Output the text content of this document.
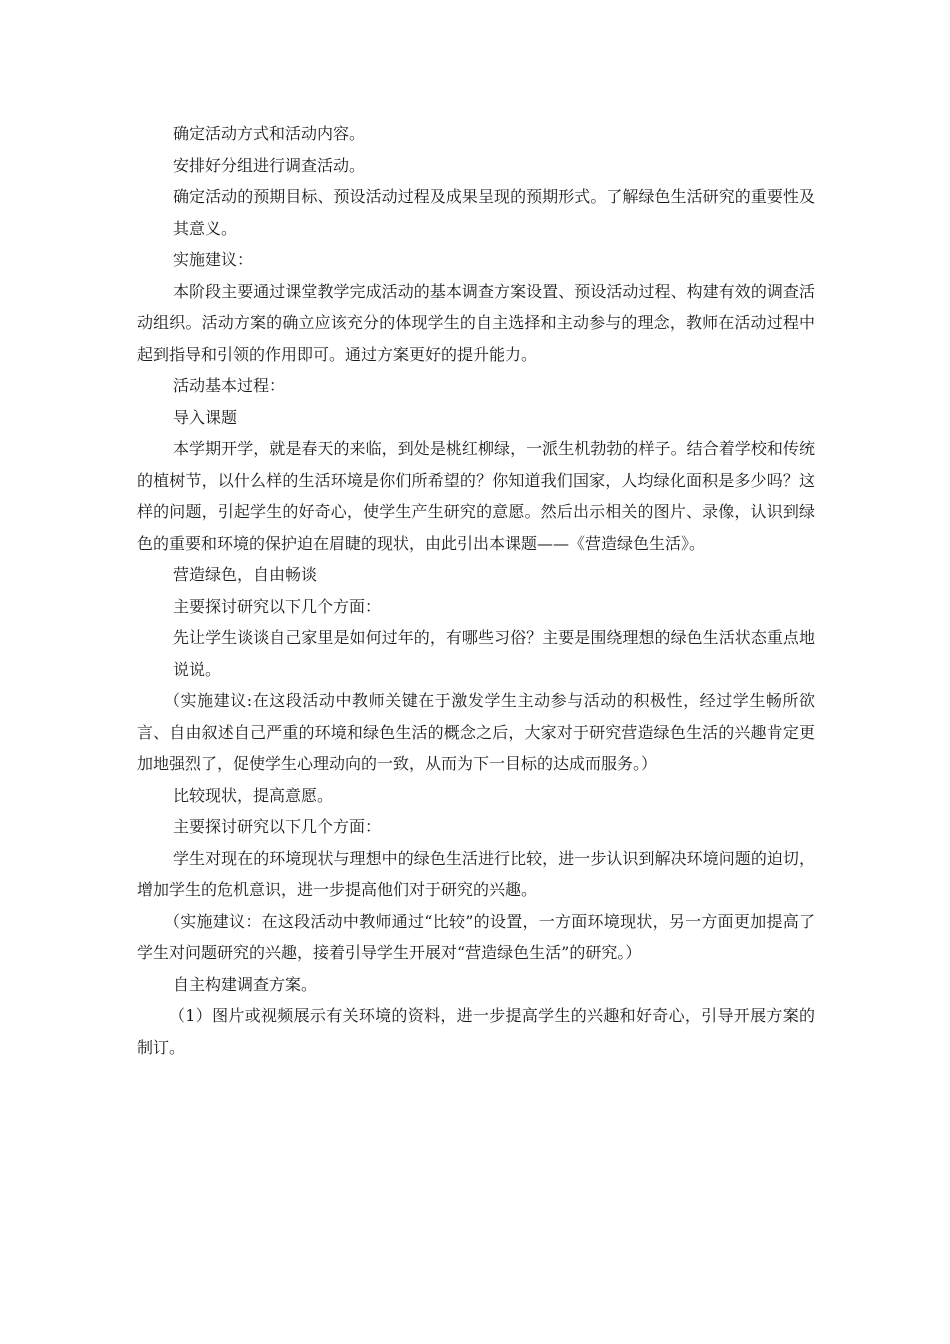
确定活动方式和活动内容。

安排好分组进行调查活动。

确定活动的预期目标、预设活动过程及成果呈现的预期形式。了解绿色生活研究的重要性及其意义。

实施建议：

本阶段主要通过课堂教学完成活动的基本调查方案设置、预设活动过程、构建有效的调查活动组织。活动方案的确立应该充分的体现学生的自主选择和主动参与的理念，教师在活动过程中起到指导和引领的作用即可。通过方案更好的提升能力。

活动基本过程：

导入课题

本学期开学，就是春天的来临，到处是桃红柳绿，一派生机勃勃的样子。结合着学校和传统的植树节，以什么样的生活环境是你们所希望的？你知道我们国家，人均绿化面积是多少吗？这样的问题，引起学生的好奇心，使学生产生研究的意愿。然后出示相关的图片、录像，认识到绿色的重要和环境的保护迫在眉睫的现状，由此引出本课题——《营造绿色生活》。

营造绿色，自由畅谈

主要探讨研究以下几个方面：

先让学生谈谈自己家里是如何过年的，有哪些习俗？主要是围绕理想的绿色生活状态重点地说说。

（实施建议:在这段活动中教师关键在于激发学生主动参与活动的积极性，经过学生畅所欲言、自由叙述自己严重的环境和绿色生活的概念之后，大家对于研究营造绿色生活的兴趣肯定更加地强烈了，促使学生心理动向的一致，从而为下一目标的达成而服务。）

比较现状，提高意愿。

主要探讨研究以下几个方面：

学生对现在的环境现状与理想中的绿色生活进行比较，进一步认识到解决环境问题的迫切，增加学生的危机意识，进一步提高他们对于研究的兴趣。

（实施建议：在这段活动中教师通过“比较”的设置，一方面环境现状，另一方面更加提高了学生对问题研究的兴趣，接着引导学生开展对“营造绿色生活”的研究。）

自主构建调查方案。

（1）图片或视频展示有关环境的资料，进一步提高学生的兴趣和好奇心，引导开展方案的制订。
